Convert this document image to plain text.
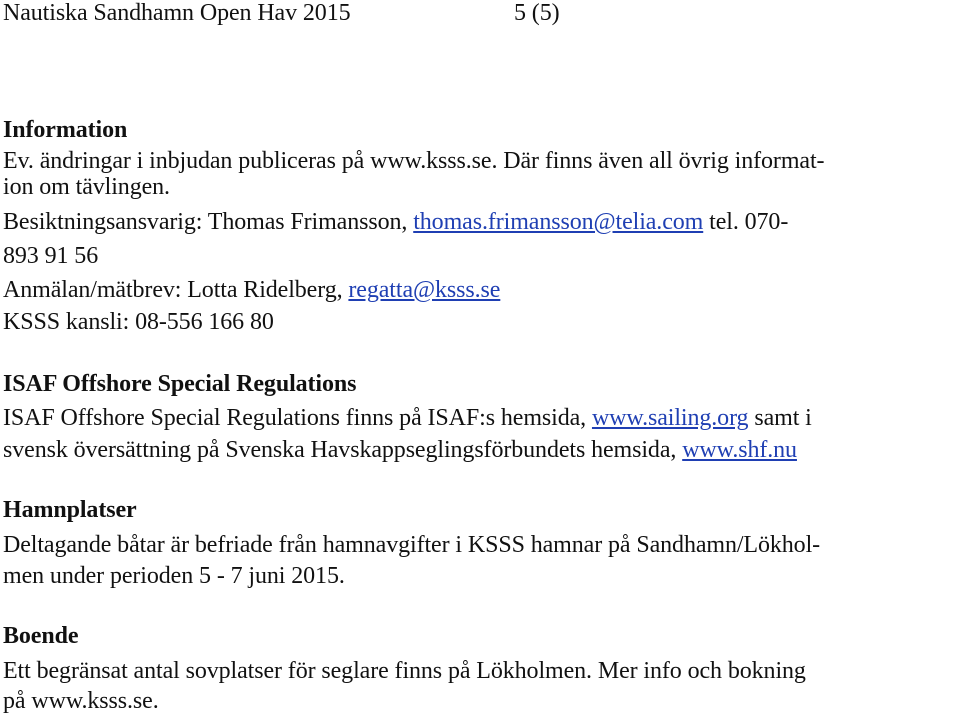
Nautiska Sandhamn Open Hav 2015	5 (5)
Information
Ev. ändringar i inbjudan publiceras på www.ksss.se. Där finns även all övrig informat-
ion om tävlingen.
Besiktningsansvarig: Thomas Frimansson, thomas.frimansson@telia.com tel. 070-
893 91 56
Anmälan/mätbrev: Lotta Ridelberg, regatta@ksss.se
KSSS kansli: 08-556 166 80
ISAF Offshore Special Regulations
ISAF Offshore Special Regulations finns på ISAF:s hemsida, www.sailing.org samt i
svensk översättning på Svenska Havskappseglingsförbundets hemsida, www.shf.nu
Hamnplatser
Deltagande båtar är befriade från hamnavgifter i KSSS hamnar på Sandhamn/Lökhol-
men under perioden 5 - 7 juni 2015.
Boende
Ett begränsat antal sovplatser för seglare finns på Lökholmen. Mer info och bokning
på www.ksss.se.
